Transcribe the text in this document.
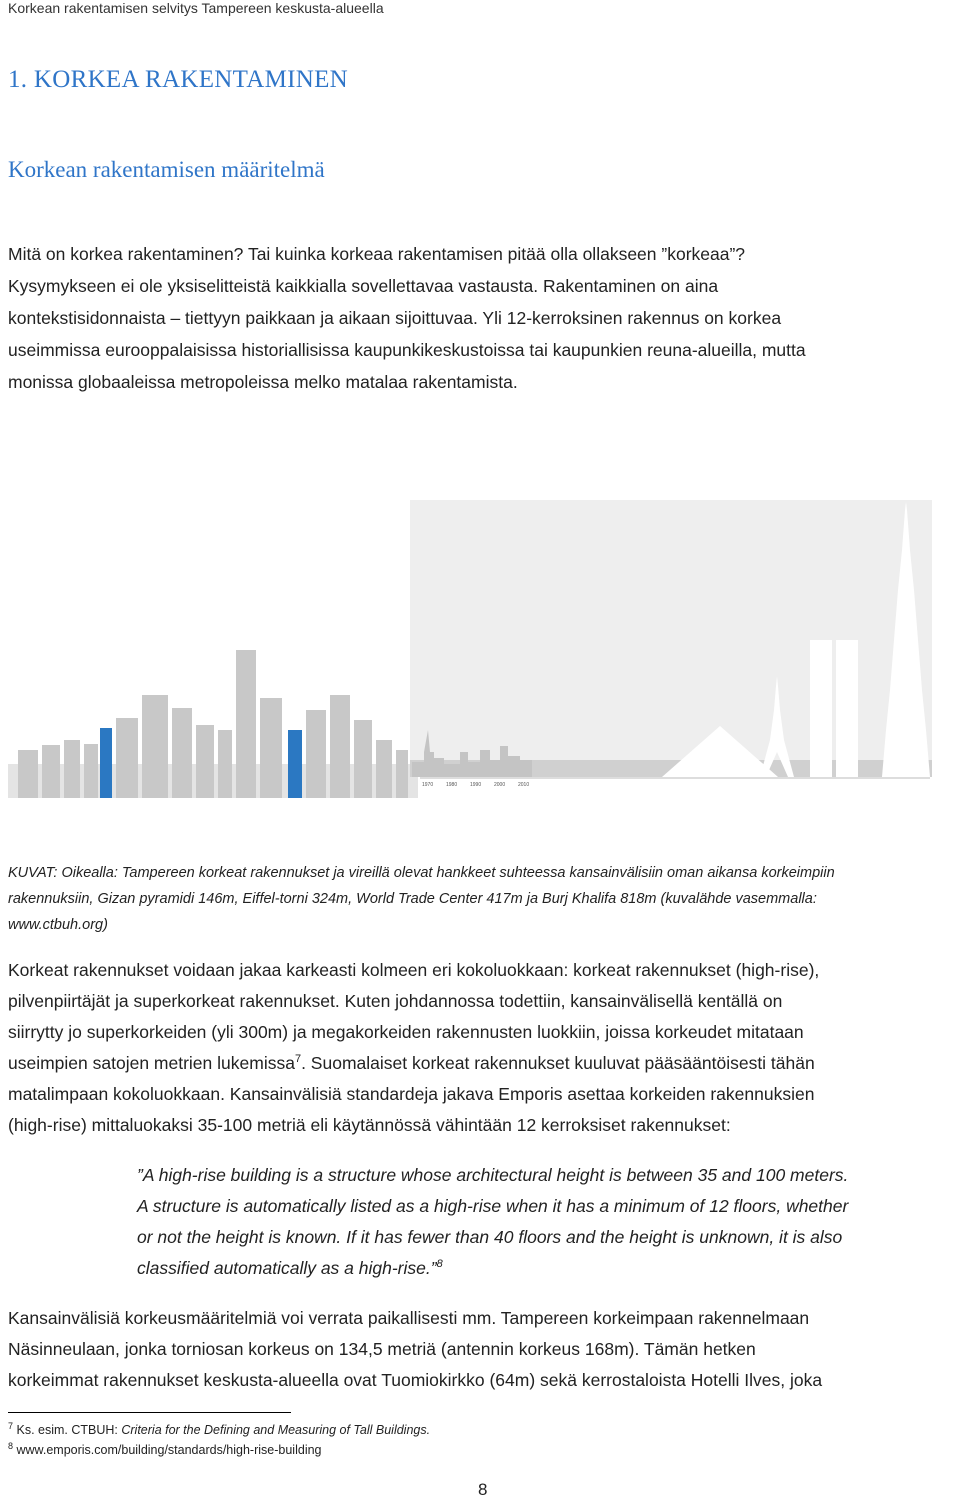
Korkean rakentamisen selvitys Tampereen keskusta-alueella
1. KORKEA RAKENTAMINEN
Korkean rakentamisen määritelmä
Mitä on korkea rakentaminen? Tai kuinka korkeaa rakentamisen pitää olla ollakseen ”korkeaa”?
Kysymykseen ei ole yksiselitteistä kaikkialla sovellettavaa vastausta. Rakentaminen on aina
kontekstisidonnaista – tiettyyn paikkaan ja aikaan sijoittuvaa. Yli 12-kerroksinen rakennus on korkea
useimmissa eurooppalaisissa historiallisissa kaupunkikeskustoissa tai kaupunkien reuna-alueilla, mutta
monissa globaaleissa metropoleissa melko matalaa rakentamista.
1970	1980	1990	2000	2010
KUVAT: Oikealla: Tampereen korkeat rakennukset ja vireillä olevat hankkeet suhteessa kansainvälisiin oman aikansa korkeimpiin
rakennuksiin, Gizan pyramidi 146m, Eiffel-torni 324m, World Trade Center 417m ja Burj Khalifa 818m (kuvalähde vasemmalla:
www.ctbuh.org)
Korkeat rakennukset voidaan jakaa karkeasti kolmeen eri kokoluokkaan: korkeat rakennukset (high-rise),
pilvenpiirtäjät ja superkorkeat rakennukset. Kuten johdannossa todettiin, kansainvälisellä kentällä on
siirrytty jo superkorkeiden (yli 300m) ja megakorkeiden rakennusten luokkiin, joissa korkeudet mitataan
useimpien satojen metrien lukemissa$^7$. Suomalaiset korkeat rakennukset kuuluvat pääsääntöisesti tähän
matalimpaan kokoluokkaan. Kansainvälisiä standardeja jakava Emporis asettaa korkeiden rakennuksien
(high-rise) mittaluokaksi 35-100 metriä eli käytännössä vähintään 12 kerroksiset rakennukset:
”A high-rise building is a structure whose architectural height is between 35 and 100 meters.
A structure is automatically listed as a high-rise when it has a minimum of 12 floors, whether
or not the height is known. If it has fewer than 40 floors and the height is unknown, it is also
classified automatically as a high-rise.”$^8$
Kansainvälisiä korkeusmääritelmiä voi verrata paikallisesti mm. Tampereen korkeimpaan rakennelmaan
Näsinneulaan, jonka torniosan korkeus on 134,5 metriä (antennin korkeus 168m). Tämän hetken
korkeimmat rakennukset keskusta-alueella ovat Tuomiokirkko (64m) sekä kerrostaloista Hotelli Ilves, joka
$^7$ Ks. esim. CTBUH: Criteria for the Defining and Measuring of Tall Buildings.
$^8$ www.emporis.com/building/standards/high-rise-building
8
